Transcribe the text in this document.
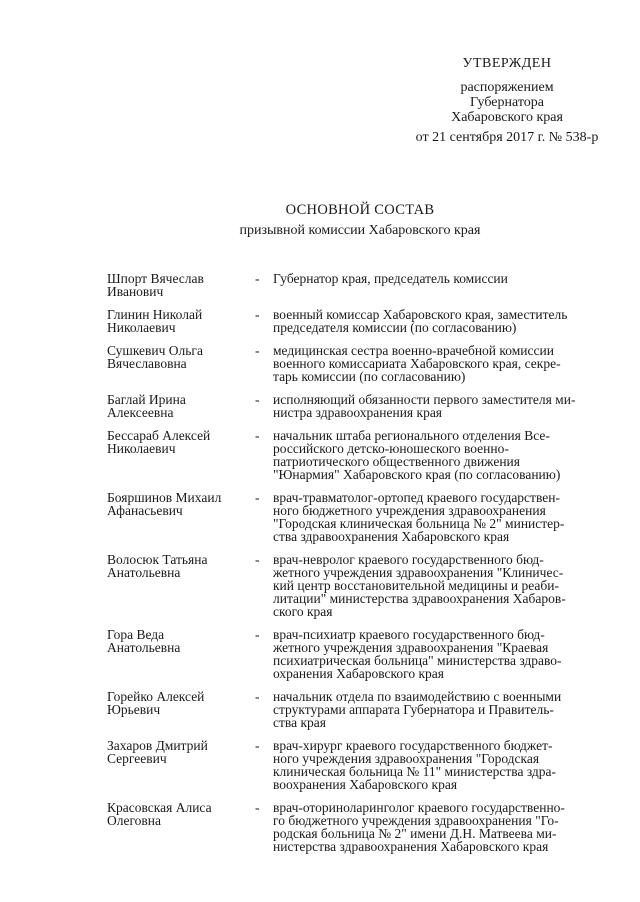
УТВЕРЖДЕН
распоряжением
Губернатора
Хабаровского края
от 21 сентября 2017 г. № 538-р
ОСНОВНОЙ СОСТАВ
призывной комиссии Хабаровского края
Шпорт Вячеслав
Иванович
-	Губернатор края, председатель комиссии
Глинин Николай
Николаевич
-	военный комиссар Хабаровского края, заместитель
председателя комиссии (по согласованию)
Сушкевич Ольга
Вячеславовна
-	медицинская сестра военно-врачебной комиссии
военного комиссариата Хабаровского края, секре-
тарь комиссии (по согласованию)
Баглай Ирина
Алексеевна
-	исполняющий обязанности первого заместителя ми-
нистра здравоохранения края
Бессараб Алексей
Николаевич
-	начальник штаба регионального отделения Все-
российского детско-юношеского военно-
патриотического общественного движения
"Юнармия" Хабаровского края (по согласованию)
Бояршинов Михаил
Афанасьевич
-	врач-травматолог-ортопед краевого государствен-
ного бюджетного учреждения здравоохранения
"Городская клиническая больница № 2" министер-
ства здравоохранения Хабаровского края
Волосюк Татьяна
Анатольевна
-	врач-невролог краевого государственного бюд-
жетного учреждения здравоохранения "Клиничес-
кий центр восстановительной медицины и реаби-
литации" министерства здравоохранения Хабаров-
ского края
Гора Веда
Анатольевна
-	врач-психиатр краевого государственного бюд-
жетного учреждения здравоохранения "Краевая
психиатрическая больница" министерства здраво-
охранения Хабаровского края
Горейко Алексей
Юрьевич
-	начальник отдела по взаимодействию с военными
структурами аппарата Губернатора и Правитель-
ства края
Захаров Дмитрий
Сергеевич
-	врач-хирург краевого государственного бюджет-
ного учреждения здравоохранения "Городская
клиническая больница № 11" министерства здра-
воохранения Хабаровского края
Красовская Алиса
Олеговна
-	врач-оториноларинголог краевого государственно-
го бюджетного учреждения здравоохранения "Го-
родская больница № 2" имени Д.Н. Матвеева ми-
нистерства здравоохранения Хабаровского края
